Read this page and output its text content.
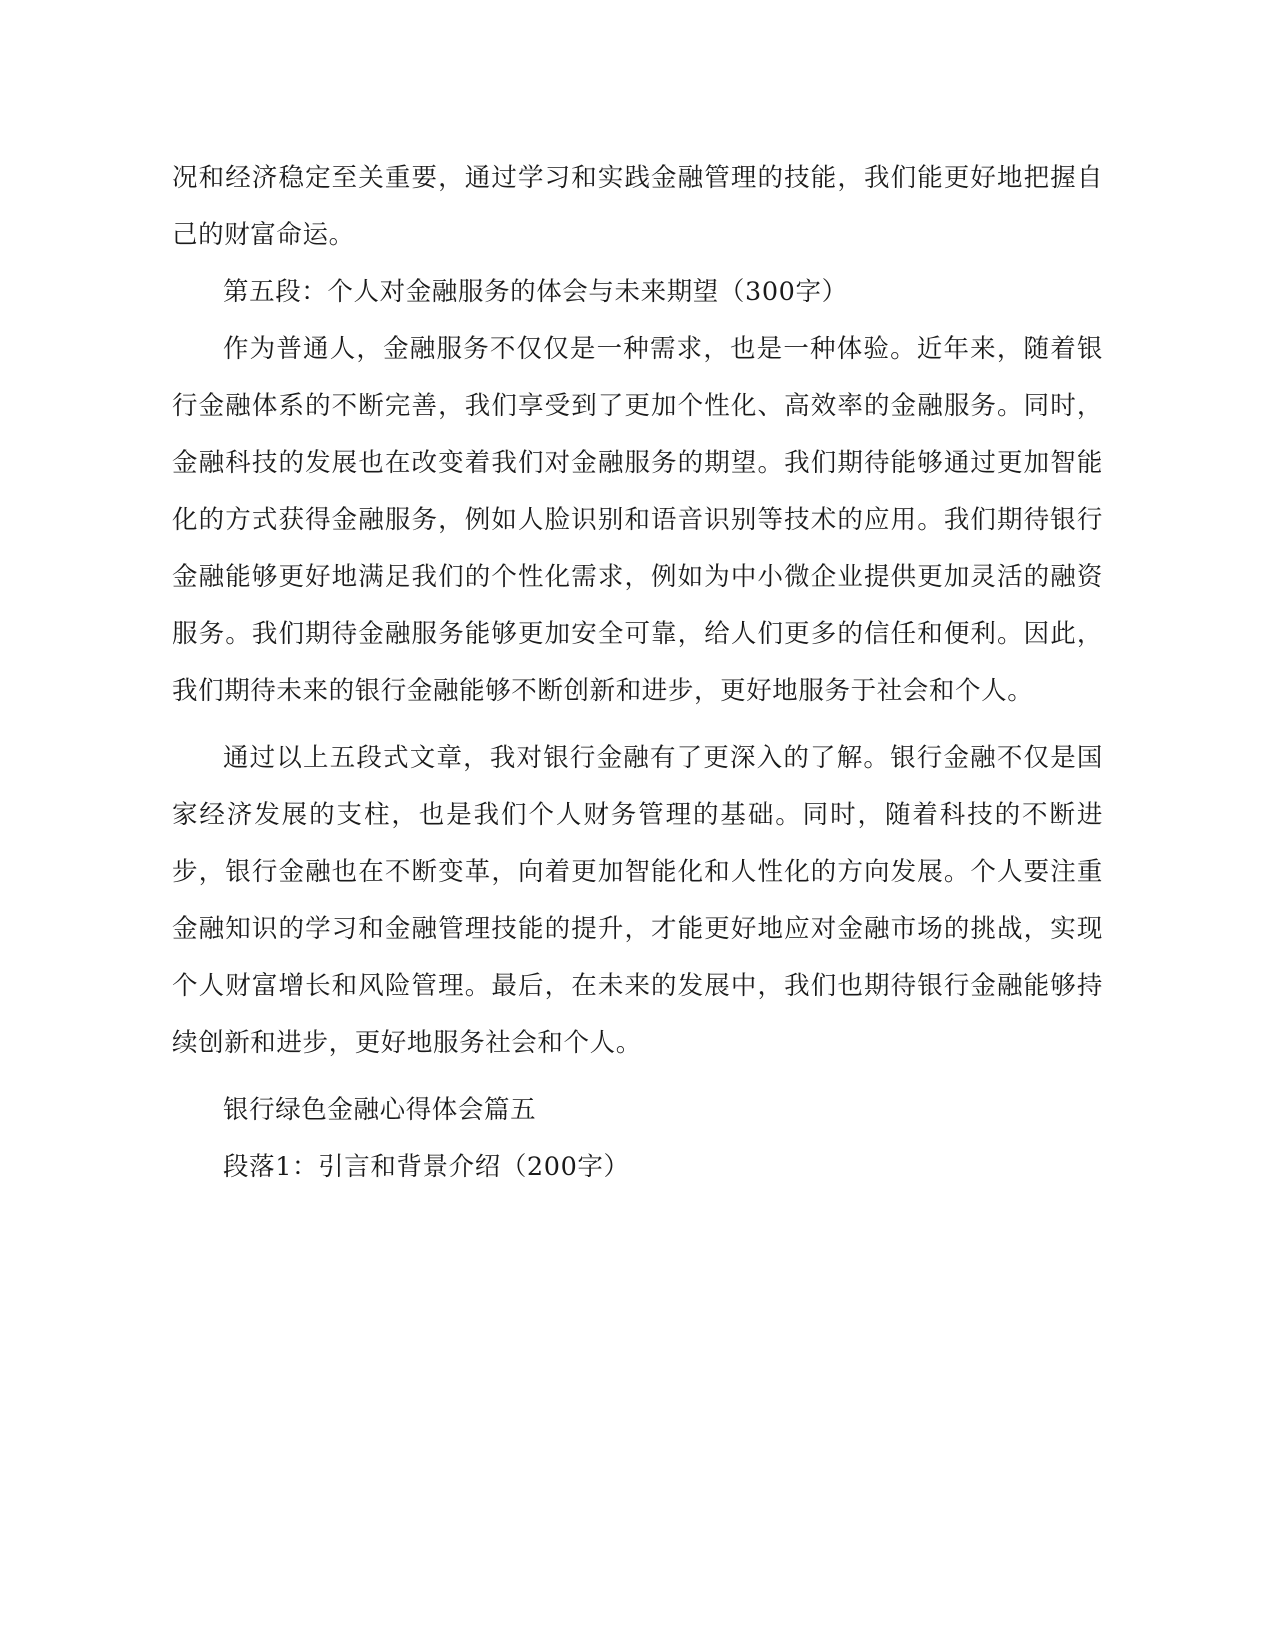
况和经济稳定至关重要，通过学习和实践金融管理的技能，我们能更好地把握自己的财富命运。

第五段：个人对金融服务的体会与未来期望（300字）

作为普通人，金融服务不仅仅是一种需求，也是一种体验。近年来，随着银行金融体系的不断完善，我们享受到了更加个性化、高效率的金融服务。同时，金融科技的发展也在改变着我们对金融服务的期望。我们期待能够通过更加智能化的方式获得金融服务，例如人脸识别和语音识别等技术的应用。我们期待银行金融能够更好地满足我们的个性化需求，例如为中小微企业提供更加灵活的融资服务。我们期待金融服务能够更加安全可靠，给人们更多的信任和便利。因此，我们期待未来的银行金融能够不断创新和进步，更好地服务于社会和个人。

通过以上五段式文章，我对银行金融有了更深入的了解。银行金融不仅是国家经济发展的支柱，也是我们个人财务管理的基础。同时，随着科技的不断进步，银行金融也在不断变革，向着更加智能化和人性化的方向发展。个人要注重金融知识的学习和金融管理技能的提升，才能更好地应对金融市场的挑战，实现个人财富增长和风险管理。最后，在未来的发展中，我们也期待银行金融能够持续创新和进步，更好地服务社会和个人。

银行绿色金融心得体会篇五

段落1：引言和背景介绍（200字）
